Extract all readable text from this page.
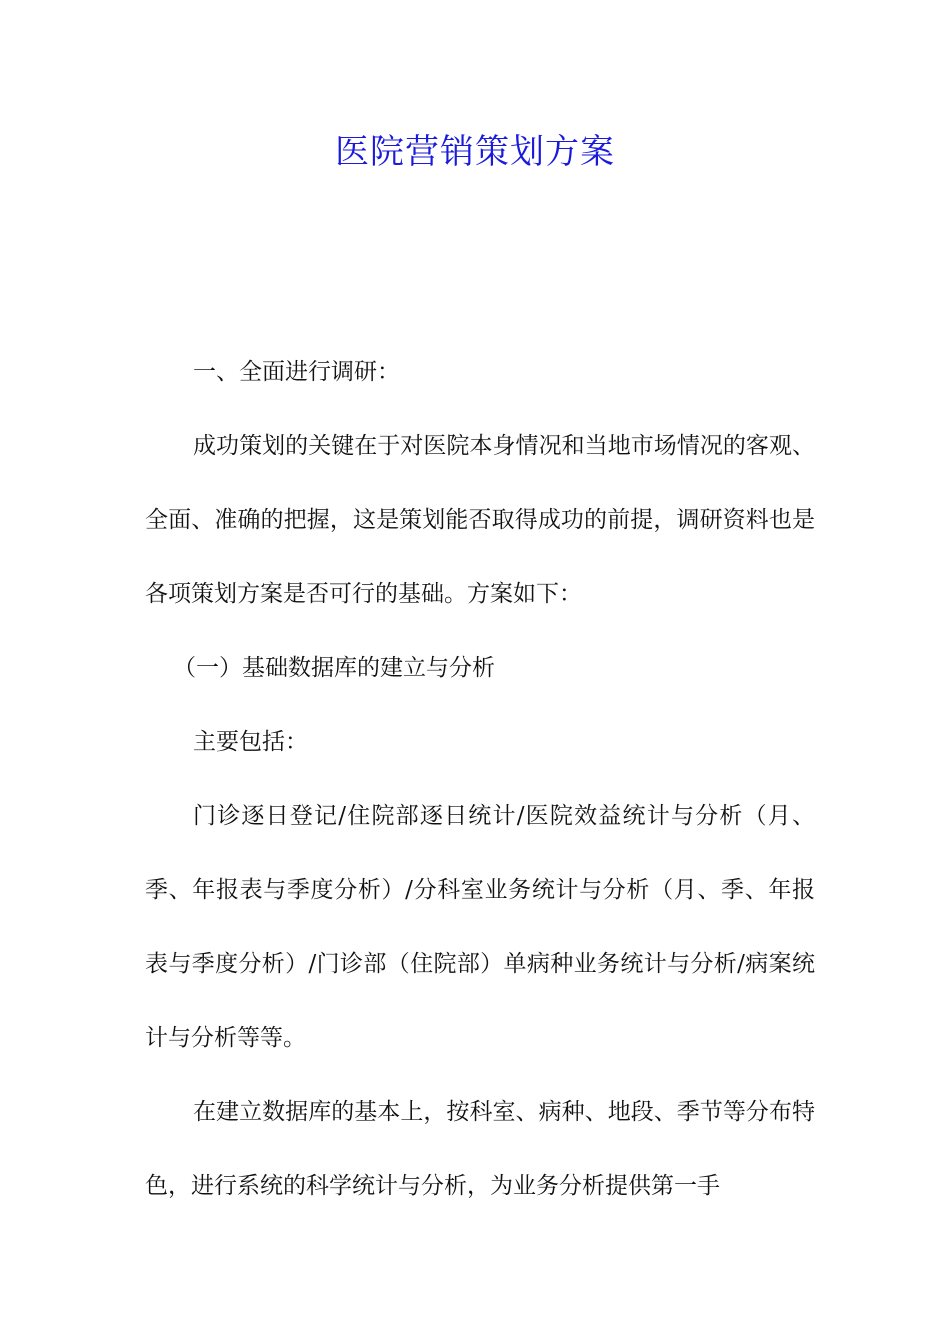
医院营销策划方案

一、全面进行调研：

成功策划的关键在于对医院本身情况和当地市场情况的客观、全面、准确的把握，这是策划能否取得成功的前提，调研资料也是各项策划方案是否可行的基础。方案如下：

（一）基础数据库的建立与分析

主要包括：

门诊逐日登记/住院部逐日统计/医院效益统计与分析（月、季、年报表与季度分析）/分科室业务统计与分析（月、季、年报表与季度分析）/门诊部（住院部）单病种业务统计与分析/病案统计与分析等等。

在建立数据库的基本上，按科室、病种、地段、季节等分布特色，进行系统的科学统计与分析，为业务分析提供第一手
